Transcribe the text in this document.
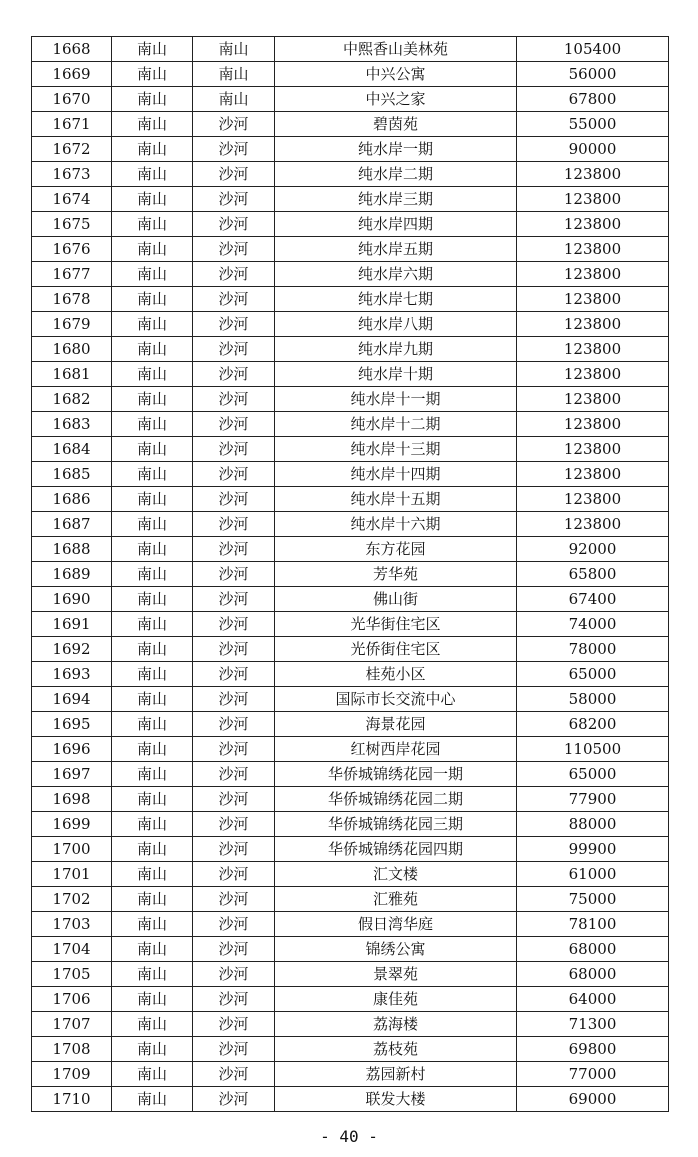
1668	南山	南山	中熙香山美林苑	105400
1669	南山	南山	中兴公寓	56000
1670	南山	南山	中兴之家	67800
1671	南山	沙河	碧茵苑	55000
1672	南山	沙河	纯水岸一期	90000
1673	南山	沙河	纯水岸二期	123800
1674	南山	沙河	纯水岸三期	123800
1675	南山	沙河	纯水岸四期	123800
1676	南山	沙河	纯水岸五期	123800
1677	南山	沙河	纯水岸六期	123800
1678	南山	沙河	纯水岸七期	123800
1679	南山	沙河	纯水岸八期	123800
1680	南山	沙河	纯水岸九期	123800
1681	南山	沙河	纯水岸十期	123800
1682	南山	沙河	纯水岸十一期	123800
1683	南山	沙河	纯水岸十二期	123800
1684	南山	沙河	纯水岸十三期	123800
1685	南山	沙河	纯水岸十四期	123800
1686	南山	沙河	纯水岸十五期	123800
1687	南山	沙河	纯水岸十六期	123800
1688	南山	沙河	东方花园	92000
1689	南山	沙河	芳华苑	65800
1690	南山	沙河	佛山街	67400
1691	南山	沙河	光华街住宅区	74000
1692	南山	沙河	光侨街住宅区	78000
1693	南山	沙河	桂苑小区	65000
1694	南山	沙河	国际市长交流中心	58000
1695	南山	沙河	海景花园	68200
1696	南山	沙河	红树西岸花园	110500
1697	南山	沙河	华侨城锦绣花园一期	65000
1698	南山	沙河	华侨城锦绣花园二期	77900
1699	南山	沙河	华侨城锦绣花园三期	88000
1700	南山	沙河	华侨城锦绣花园四期	99900
1701	南山	沙河	汇文楼	61000
1702	南山	沙河	汇雅苑	75000
1703	南山	沙河	假日湾华庭	78100
1704	南山	沙河	锦绣公寓	68000
1705	南山	沙河	景翠苑	68000
1706	南山	沙河	康佳苑	64000
1707	南山	沙河	荔海楼	71300
1708	南山	沙河	荔枝苑	69800
1709	南山	沙河	荔园新村	77000
1710	南山	沙河	联发大楼	69000
- 40 -
